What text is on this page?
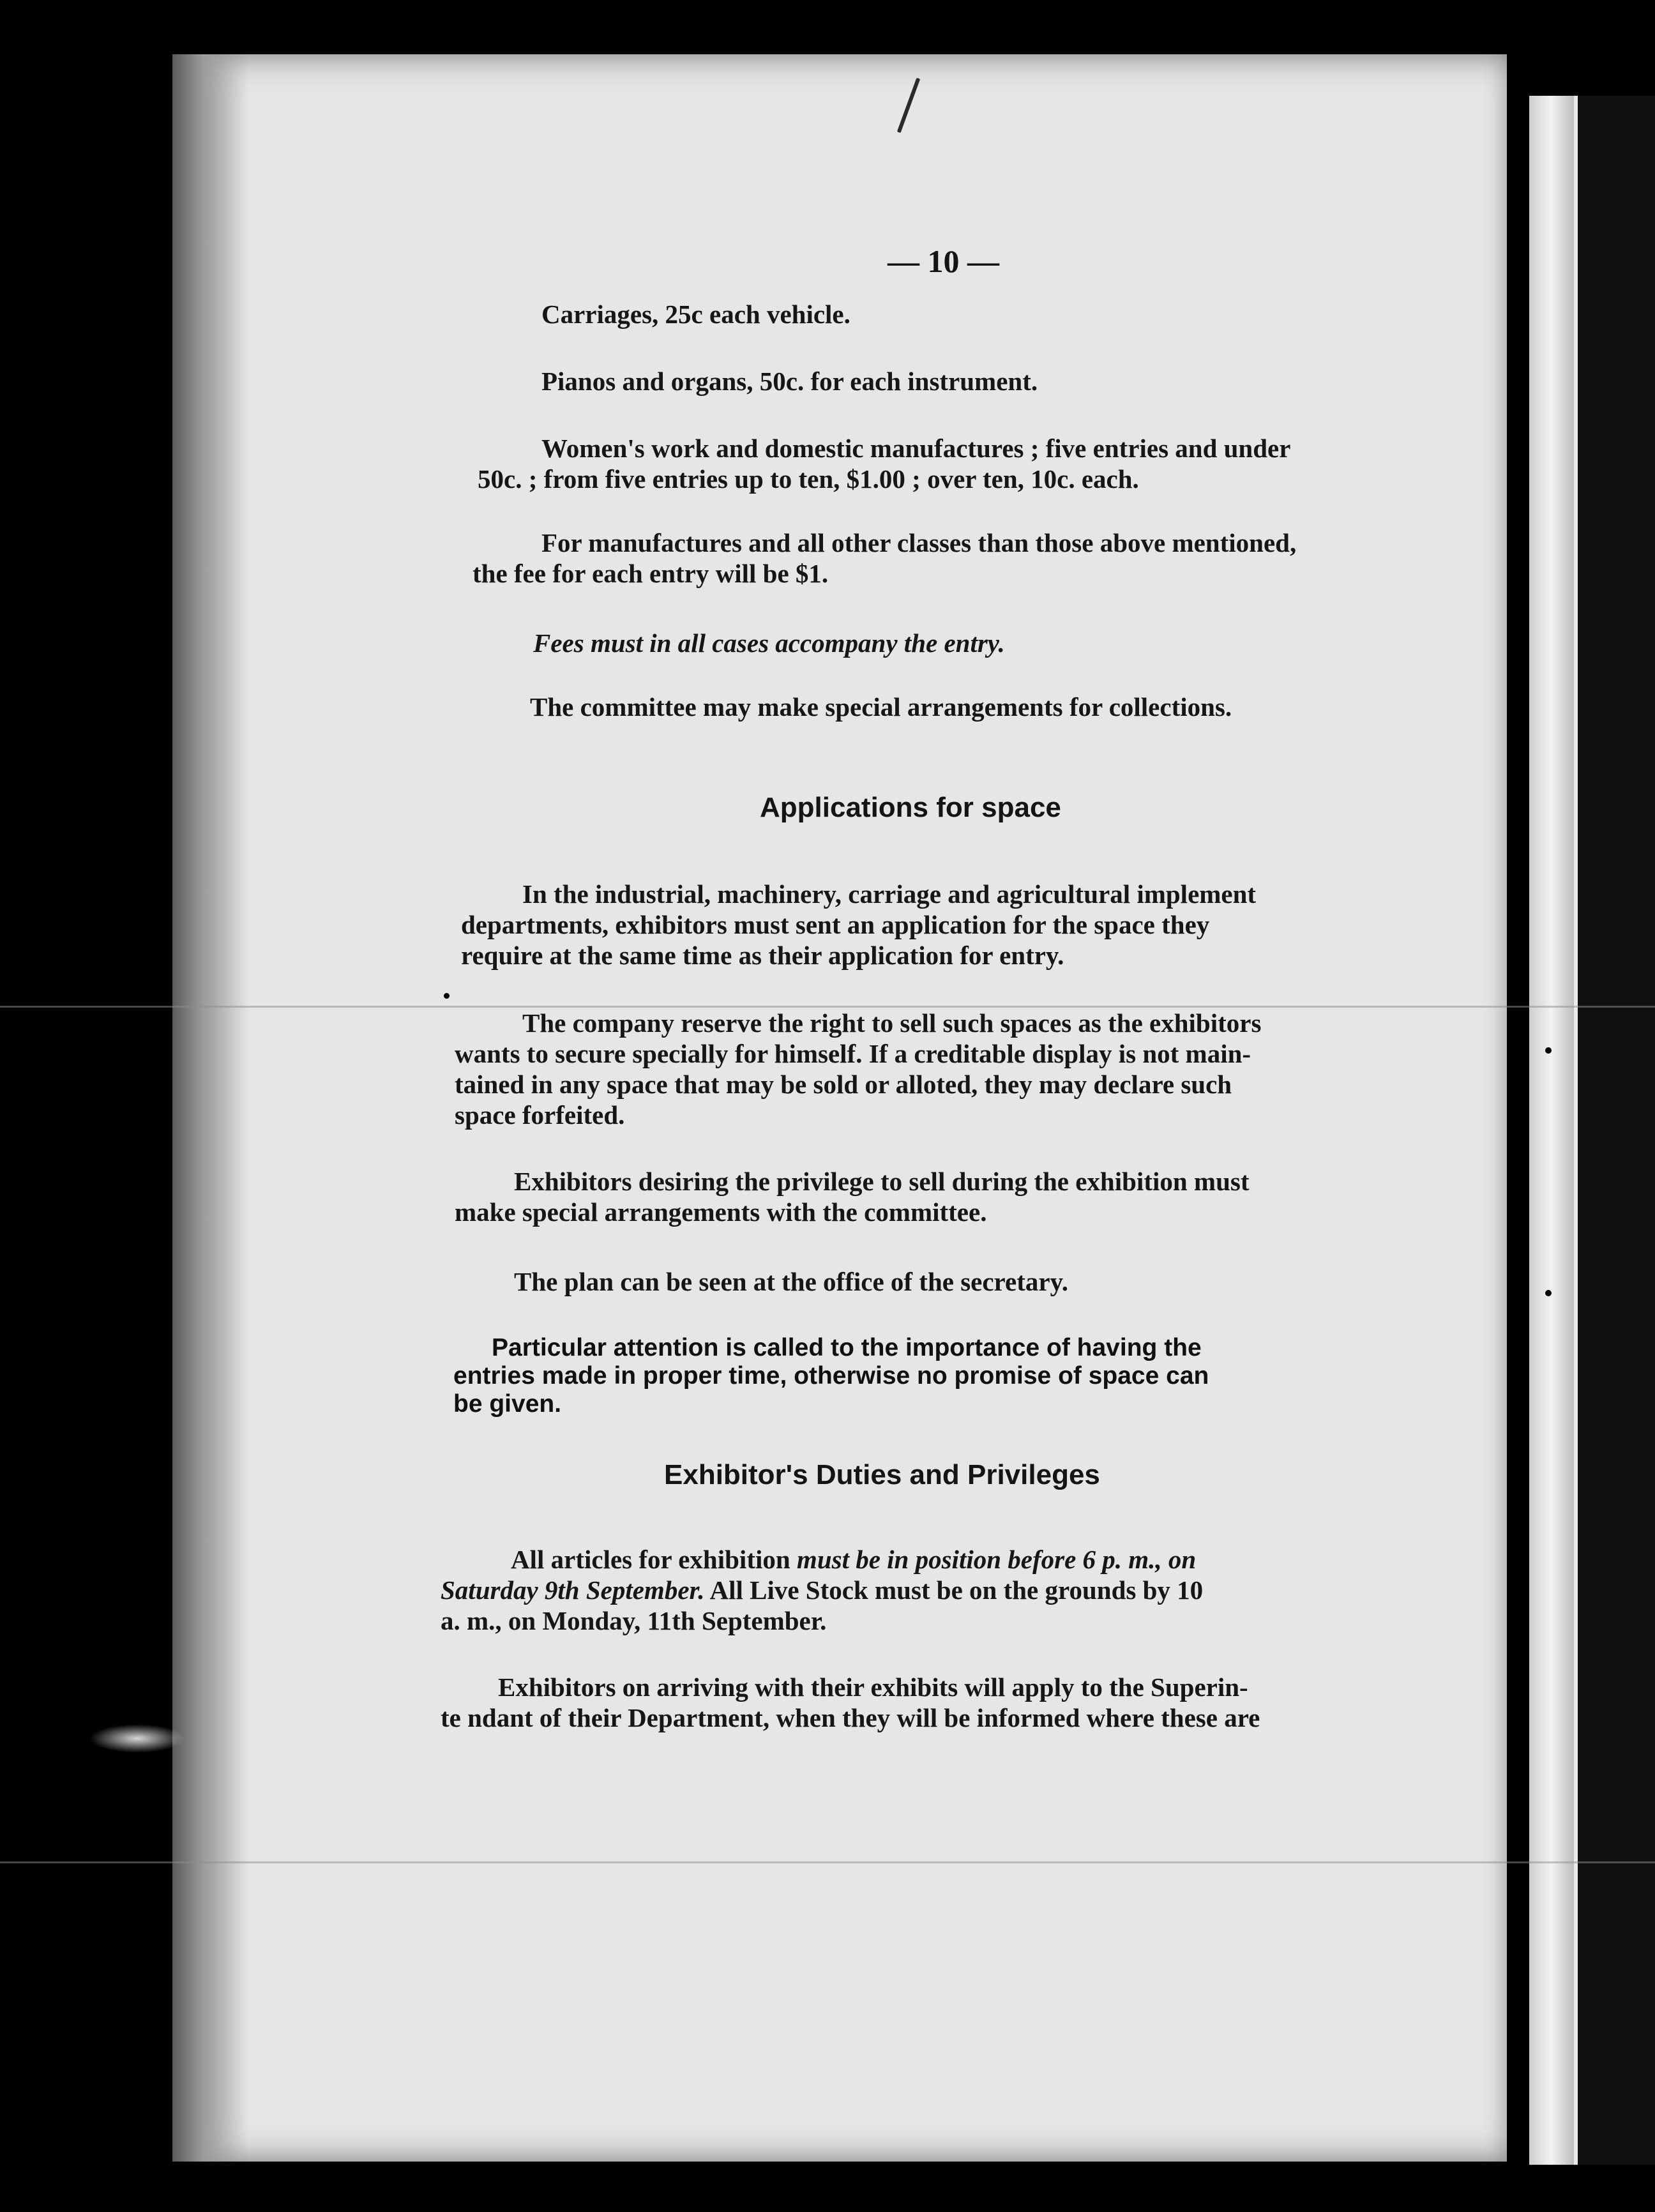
— 10 —

Carriages, 25c each vehicle.

Pianos and organs, 50c. for each instrument.

Women's work and domestic manufactures ; five entries and under

50c. ; from five entries up to ten, $1.00 ; over ten, 10c. each.

For manufactures and all other classes than those above mentioned,

the fee for each entry will be $1.

Fees must in all cases accompany the entry.

The committee may make special arrangements for collections.

Applications for space

In the industrial, machinery, carriage and agricultural implement

departments, exhibitors must sent an application for the space they

require at the same time as their application for entry.

The company reserve the right to sell such spaces as the exhibitors

wants to secure specially for himself. If a creditable display is not main-

tained in any space that may be sold or alloted, they may declare such

space forfeited.

Exhibitors desiring the privilege to sell during the exhibition must

make special arrangements with the committee.

The plan can be seen at the office of the secretary.

Particular attention is called to the importance of having the
entries made in proper time, otherwise no promise of space can
be given.
Exhibitor's Duties and Privileges

All articles for exhibition must be in position before 6 p. m., on

Saturday 9th September. All Live Stock must be on the grounds by 10

a. m., on Monday, 11th September.

Exhibitors on arriving with their exhibits will apply to the Superin-

te ndant of their Department, when they will be informed where these are
